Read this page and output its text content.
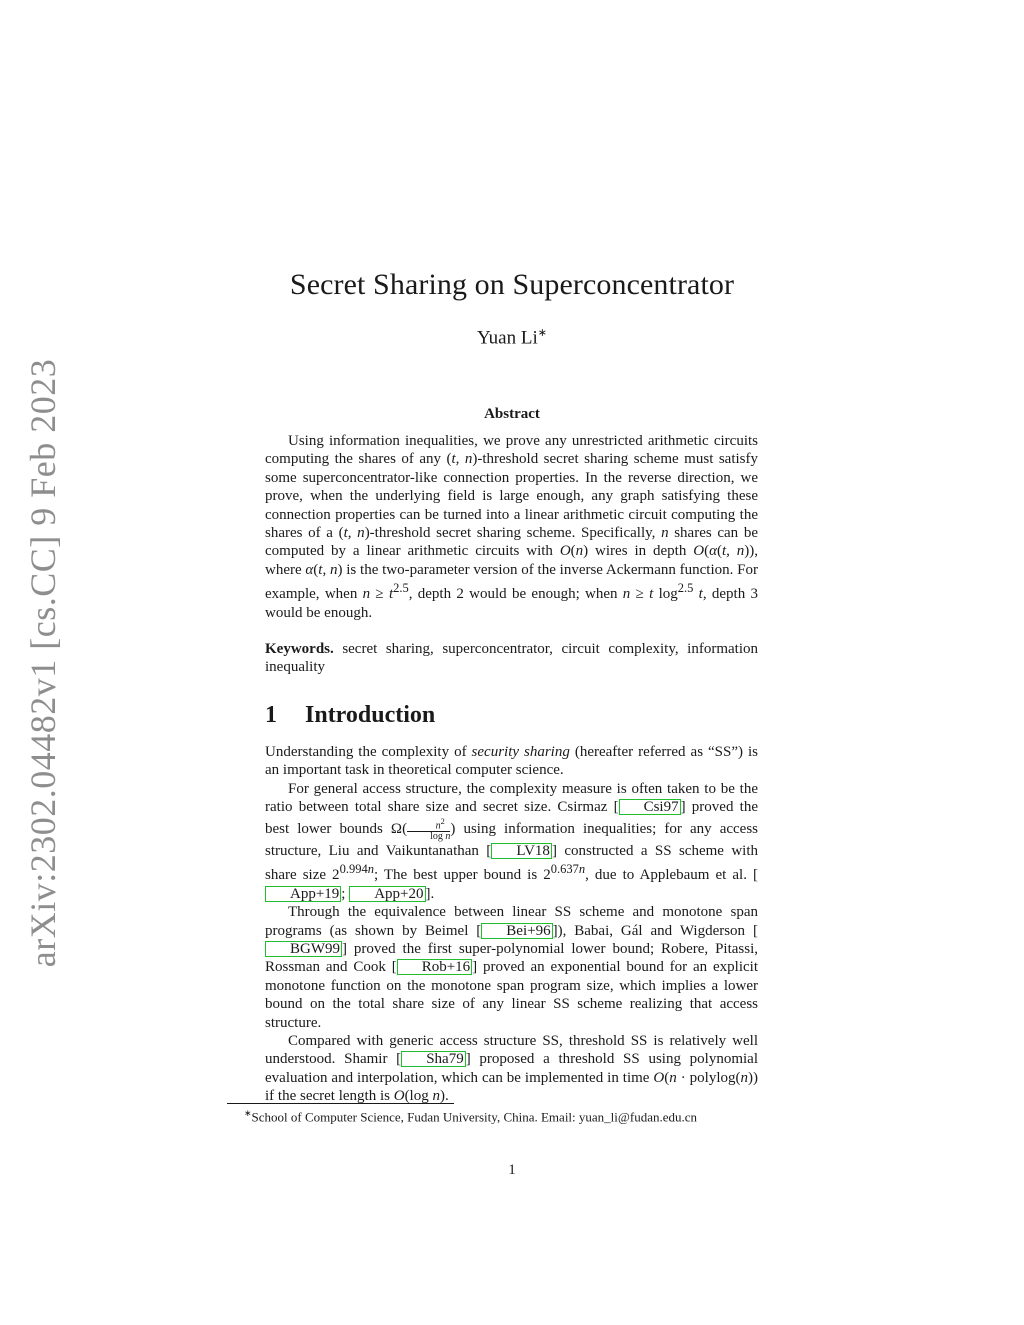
arXiv:2302.04482v1 [cs.CC] 9 Feb 2023
Secret Sharing on Superconcentrator
Yuan Li∗
Abstract

Using information inequalities, we prove any unrestricted arithmetic circuits computing the shares of any (t, n)-threshold secret sharing scheme must satisfy some superconcentrator-like connection properties. In the reverse direction, we prove, when the underlying field is large enough, any graph satisfying these connection properties can be turned into a linear arithmetic circuit computing the shares of a (t, n)-threshold secret sharing scheme. Specifically, n shares can be computed by a linear arithmetic circuits with O(n) wires in depth O(α(t, n)), where α(t, n) is the two-parameter version of the inverse Ackermann function. For example, when $n \ge t^{2.5}$, depth 2 would be enough; when n ≥ t $\log^{2.5} t$, depth 3 would be enough.

Keywords. secret sharing, superconcentrator, circuit complexity, information inequality

1 Introduction

Understanding the complexity of security sharing (hereafter referred as “SS”) is an important task in theoretical computer science.

For general access structure, the complexity measure is often taken to be the ratio between total share size and secret size. Csirmaz [ Csi97 ] proved the best lower bounds $\Omega( \frac{n^2}{\text{log n}}$ ) using information inequalities; for any access structure, Liu and Vaikuntanathan [ LV18 ] constructed a SS scheme with share size $2^{0.994n}$; The best upper bound is $2^{0.637n}$, due to Applebaum et al. [App+19 ; App+20 ].

Through the equivalence between linear SS scheme and monotone span programs (as shown by Beimel [ Bei+96 ]), Babai, Gál and Wigderson [BGW99 ] proved the first super-polynomial lower bound; Robere, Pitassi, Rossman and Cook [ Rob+16 ] proved an exponential bound for an explicit monotone function on the monotone span program size, which implies a lower bound on the total share size of any linear SS scheme realizing that access structure.

Compared with generic access structure SS, threshold SS is relatively well understood. Shamir [ Sha79 ] proposed a threshold SS using polynomial evaluation and interpolation, which can be implemented in time O(n · polylog(n)) if the secret length is O(log n).

∗School of Computer Science, Fudan University, China. Email: yuan_li@fudan.edu.cn
1
